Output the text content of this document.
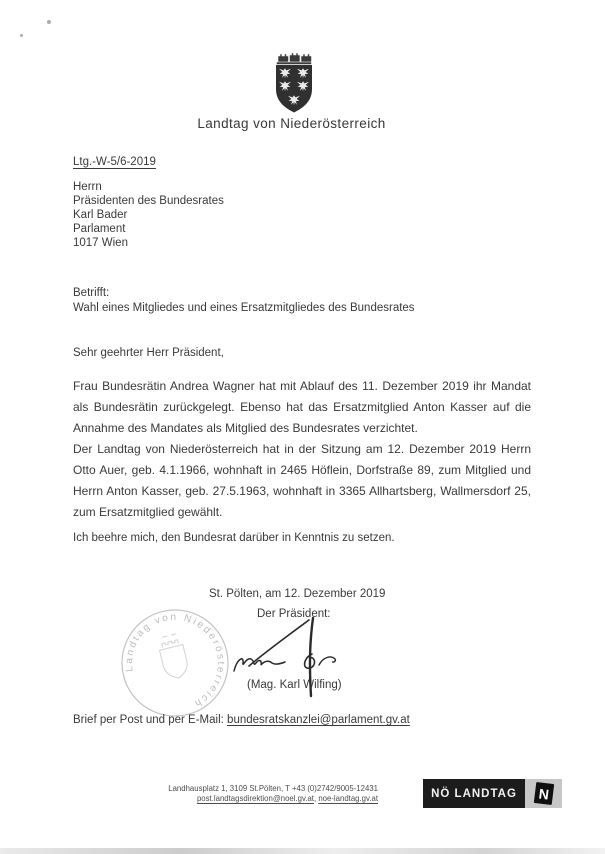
Landtag von Niederösterreich
Ltg.-W-5/6-2019
Herrn
Präsidenten des Bundesrates
Karl Bader
Parlament
1017 Wien
Betrifft:
Wahl eines Mitgliedes und eines Ersatzmitgliedes des Bundesrates
Sehr geehrter Herr Präsident,

Frau Bundesrätin Andrea Wagner hat mit Ablauf des 11. Dezember 2019 ihr Mandat als Bundesrätin zurückgelegt. Ebenso hat das Ersatzmitglied Anton Kasser auf die Annahme des Mandates als Mitglied des Bundesrates verzichtet.

Der Landtag von Niederösterreich hat in der Sitzung am 12. Dezember 2019 Herrn Otto Auer, geb. 4.1.1966, wohnhaft in 2465 Höflein, Dorfstraße 89, zum Mitglied und Herrn Anton Kasser, geb. 27.5.1963, wohnhaft in 3365 Allhartsberg, Wallmersdorf 25, zum Ersatzmitglied gewählt.

Ich beehre mich, den Bundesrat darüber in Kenntnis zu setzen.
St. Pölten, am 12. Dezember 2019
Der Präsident:
Landtag von Niederösterreich
(Mag. Karl Wilfing)
Brief per Post und per E-Mail: bundesratskanzlei@parlament.gv.at
Landhausplatz 1, 3109 St.Pölten, T +43 (0)2742/9005-12431
post.landtagsdirektion@noel.gv.at, noe-landtag.gv.at	NÖ LANDTAG N
